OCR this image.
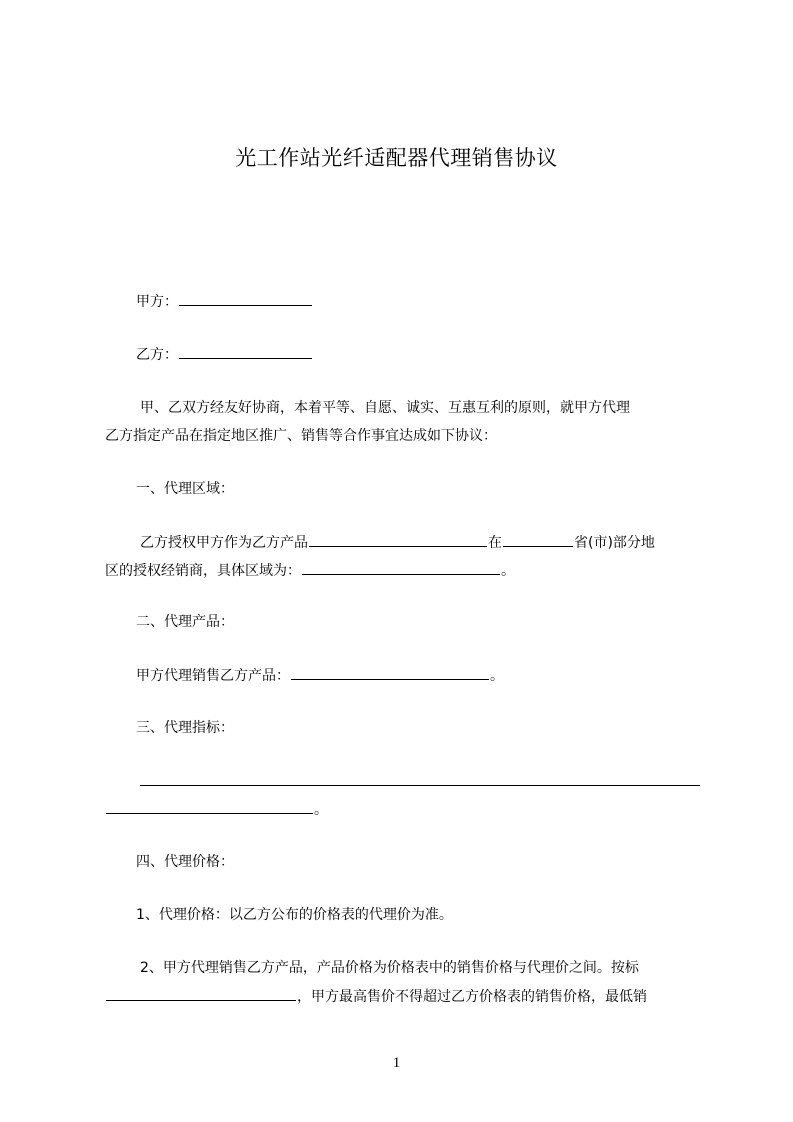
光工作站光纤适配器代理销售协议
甲方：
乙方：
甲、乙双方经友好协商，本着平等、自愿、诚实、互惠互利的原则，就甲方代理
乙方指定产品在指定地区推广、销售等合作事宜达成如下协议：
一、代理区域：
乙方授权甲方作为乙方产品	在	省(市)部分地
区的授权经销商，具体区域为：	。
二、代理产品：
甲方代理销售乙方产品：	。
三、代理指标：
。
四、代理价格：
1、代理价格：以乙方公布的价格表的代理价为准。
2、甲方代理销售乙方产品，产品价格为价格表中的销售价格与代理价之间。按标
，甲方最高售价不得超过乙方价格表的销售价格，最低销
1
